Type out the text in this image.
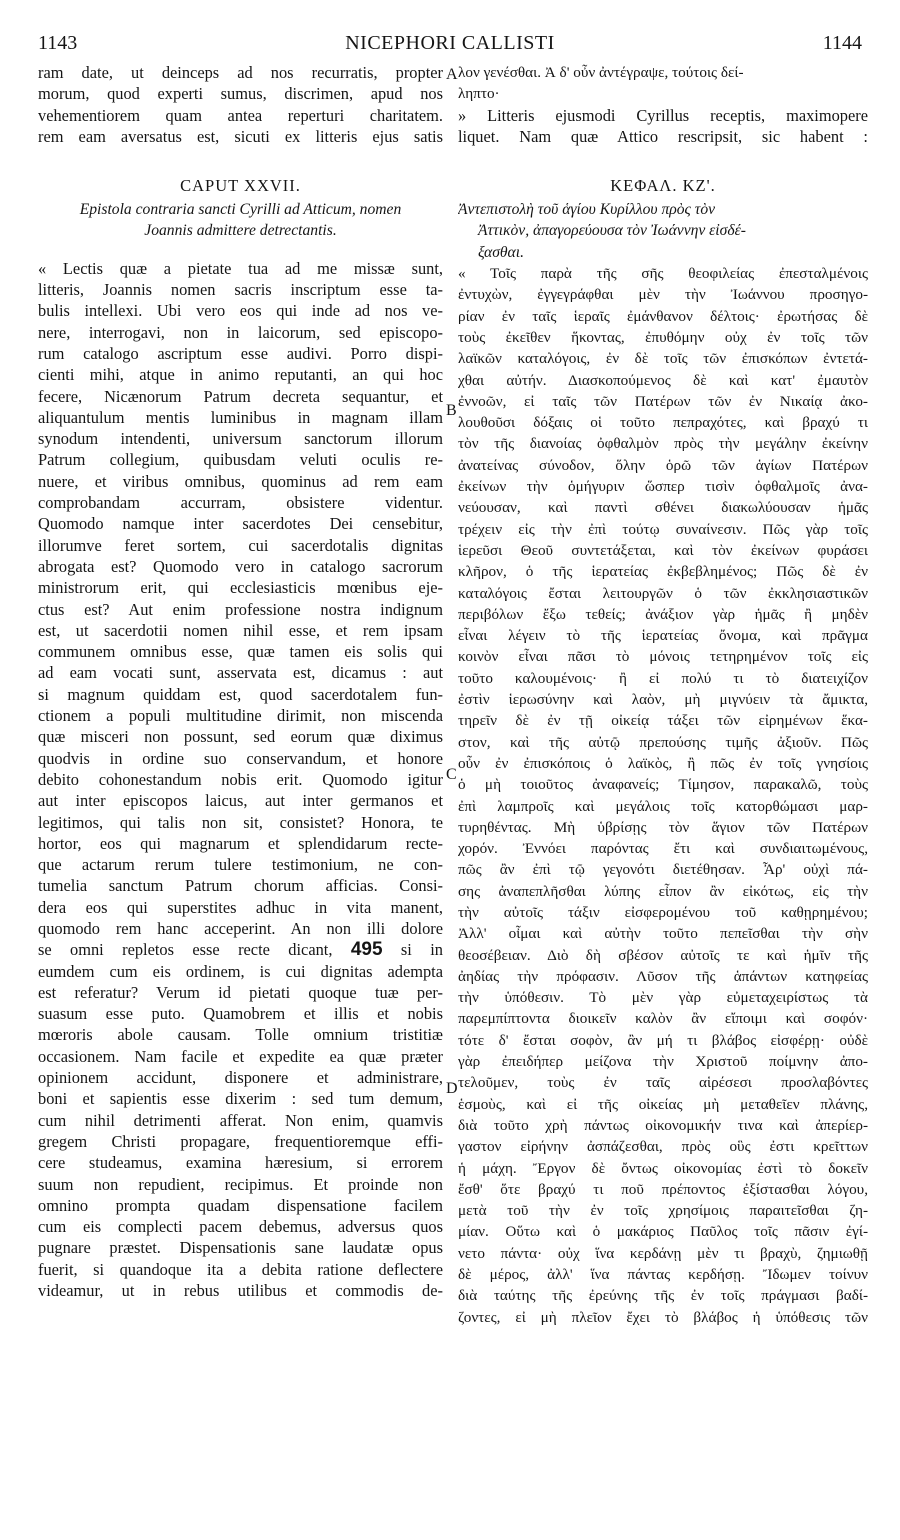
1143	NICEPHORI CALLISTI	1144
A
B
C
D
ram date, ut deinceps ad nos recurratis, propter
morum, quod experti sumus, discrimen, apud nos
vehementiorem quam antea reperturi charitatem.
rem eam aversatus est, sicuti ex litteris ejus satis
CAPUT XXVII.
Epistola contraria sancti Cyrilli ad Atticum, nomen
Joannis admittere detrectantis.
« Lectis quæ a pietate tua ad me missæ sunt,
litteris, Joannis nomen sacris inscriptum esse ta-
bulis intellexi. Ubi vero eos qui inde ad nos ve-
nere, interrogavi, non in laicorum, sed episcopo-
rum catalogo ascriptum esse audivi. Porro dispi-
cienti mihi, atque in animo reputanti, an qui hoc
fecere, Nicænorum Patrum decreta sequantur, et
aliquantulum mentis luminibus in magnam illam
synodum intendenti, universum sanctorum illorum
Patrum collegium, quibusdam veluti oculis re-
nuere, et viribus omnibus, quominus ad rem eam
comprobandam accurram, obsistere videntur.
Quomodo namque inter sacerdotes Dei censebitur,
illorumve feret sortem, cui sacerdotalis dignitas
abrogata est? Quomodo vero in catalogo sacrorum
ministrorum erit, qui ecclesiasticis mœnibus eje-
ctus est? Aut enim professione nostra indignum
est, ut sacerdotii nomen nihil esse, et rem ipsam
communem omnibus esse, quæ tamen eis solis qui
ad eam vocati sunt, asservata est, dicamus : aut
si magnum quiddam est, quod sacerdotalem fun-
ctionem a populi multitudine dirimit, non miscenda
quæ misceri non possunt, sed eorum quæ diximus
quodvis in ordine suo conservandum, et honore
debito cohonestandum nobis erit. Quomodo igitur
aut inter episcopos laicus, aut inter germanos et
legitimos, qui talis non sit, consistet? Honora, te
hortor, eos qui magnarum et splendidarum recte-
que actarum rerum tulere testimonium, ne con-
tumelia sanctum Patrum chorum afficias. Consi-
dera eos qui superstites adhuc in vita manent,
quomodo rem hanc acceperint. An non illi dolore
se omni repletos esse recte dicant, 495 si in
eumdem cum eis ordinem, is cui dignitas adempta
est referatur? Verum id pietati quoque tuæ per-
suasum esse puto. Quamobrem et illis et nobis
mœroris abole causam. Tolle omnium tristitiæ
occasionem. Nam facile et expedite ea quæ præter
opinionem accidunt, disponere et administrare,
boni et sapientis esse dixerim : sed tum demum,
cum nihil detrimenti afferat. Non enim, quamvis
gregem Christi propagare, frequentioremque effi-
cere studeamus, examina hæresium, si errorem
suum non repudient, recipimus. Et proinde non
omnino prompta quadam dispensatione facilem
cum eis complecti pacem debemus, adversus quos
pugnare præstet. Dispensationis sane laudatæ opus
fuerit, si quandoque ita a debita ratione deflectere
videamur, ut in rebus utilibus et commodis de-
λον γενέσθαι. Ἀ δ' οὖν ἀντέγραψε, τούτοις δεί-
ληπτο·
» Litteris ejusmodi Cyrillus receptis, maximopere
liquet. Nam quæ Attico rescripsit, sic habent :
ΚΕΦΑΛ. ΚΖ'.
Ἀντεπιστολὴ τοῦ ἁγίου Κυρίλλου πρὸς τὸν
Ἀττικὸν, ἀπαγορεύουσα τὸν Ἰωάννην εἰσδέ-
ξασθαι.
« Τοῖς παρὰ τῆς σῆς θεοφιλείας ἐπεσταλμένοις
ἐντυχὼν, ἐγγεγράφθαι μὲν τὴν Ἰωάννου προσηγο-
ρίαν ἐν ταῖς ἱεραῖς ἐμάνθανον δέλτοις· ἐρωτήσας δὲ
τοὺς ἐκεῖθεν ἥκοντας, ἐπυθόμην οὐχ ἐν τοῖς τῶν
λαϊκῶν καταλόγοις, ἐν δὲ τοῖς τῶν ἐπισκόπων ἐντετά-
χθαι αὐτήν. Διασκοπούμενος δὲ καὶ κατ' ἐμαυτὸν
ἐννοῶν, εἰ ταῖς τῶν Πατέρων τῶν ἐν Νικαίᾳ ἀκο-
λουθοῦσι δόξαις οἱ τοῦτο πεπραχότες, καὶ βραχύ τι
τὸν τῆς διανοίας ὀφθαλμὸν πρὸς τὴν μεγάλην ἐκείνην
ἀνατείνας σύνοδον, ὅλην ὁρῶ τῶν ἁγίων Πατέρων
ἐκείνων τὴν ὁμήγυριν ὥσπερ τισὶν ὀφθαλμοῖς ἀνα-
νεύουσαν, καὶ παντὶ σθένει διακωλύουσαν ἡμᾶς
τρέχειν εἰς τὴν ἐπὶ τούτῳ συναίνεσιν. Πῶς γὰρ τοῖς
ἱερεῦσι Θεοῦ συντετάξεται, καὶ τὸν ἐκείνων φυράσει
κλῆρον, ὁ τῆς ἱερατείας ἐκβεβλημένος; Πῶς δὲ ἐν
καταλόγοις ἔσται λειτουργῶν ὁ τῶν ἐκκλησιαστικῶν
περιβόλων ἔξω τεθείς; ἀνάξιον γὰρ ἡμᾶς ἢ μηδὲν
εἶναι λέγειν τὸ τῆς ἱερατείας ὄνομα, καὶ πρᾶγμα
κοινὸν εἶναι πᾶσι τὸ μόνοις τετηρημένον τοῖς εἰς
τοῦτο καλουμένοις· ἢ εἰ πολύ τι τὸ διατειχίζον
ἐστὶν ἱερωσύνην καὶ λαὸν, μὴ μιγνύειν τὰ ἄμικτα,
τηρεῖν δὲ ἐν τῇ οἰκείᾳ τάξει τῶν εἰρημένων ἕκα-
στον, καὶ τῆς αὐτῷ πρεπούσης τιμῆς ἀξιοῦν. Πῶς
οὖν ἐν ἐπισκόποις ὁ λαϊκὸς, ἢ πῶς ἐν τοῖς γνησίοις
ὁ μὴ τοιοῦτος ἀναφανείς; Τίμησον, παρακαλῶ, τοὺς
ἐπὶ λαμπροῖς καὶ μεγάλοις τοῖς κατορθώμασι μαρ-
τυρηθέντας. Μὴ ὑβρίσῃς τὸν ἅγιον τῶν Πατέρων
χορόν. Ἐννόει παρόντας ἔτι καὶ συνδιαιτωμένους,
πῶς ἂν ἐπὶ τῷ γεγονότι διετέθησαν. Ἆρ' οὐχὶ πά-
σης ἀναπεπλῆσθαι λύπης εἶπον ἂν εἰκότως, εἰς τὴν
τὴν αὐτοῖς τάξιν εἰσφερομένου τοῦ καθῃρημένου;
Ἀλλ' οἶμαι καὶ αὐτὴν τοῦτο πεπεῖσθαι τὴν σὴν
θεοσέβειαν. Διὸ δὴ σβέσον αὐτοῖς τε καὶ ἡμῖν τῆς
ἀηδίας τὴν πρόφασιν. Λῦσον τῆς ἁπάντων κατηφείας
τὴν ὑπόθεσιν. Τὸ μὲν γὰρ εὐμεταχειρίστως τὰ
παρεμπίπτοντα διοικεῖν καλὸν ἂν εἴποιμι καὶ σοφόν·
τότε δ' ἔσται σοφὸν, ἂν μή τι βλάβος εἰσφέρῃ· οὐδὲ
γὰρ ἐπειδήπερ μείζονα τὴν Χριστοῦ ποίμνην ἀπο-
τελοῦμεν, τοὺς ἐν ταῖς αἱρέσεσι προσλαβόντες
ἑσμοὺς, καὶ εἰ τῆς οἰκείας μὴ μεταθεῖεν πλάνης,
διὰ τοῦτο χρὴ πάντως οἰκονομικήν τινα καὶ ἀπερίερ-
γαστον εἰρήνην ἀσπάζεσθαι, πρὸς οὓς ἐστι κρεῖττων
ἡ μάχη. Ἔργον δὲ ὄντως οἰκονομίας ἐστὶ τὸ δοκεῖν
ἔσθ' ὅτε βραχύ τι ποῦ πρέποντος ἐξίστασθαι λόγου,
μετὰ τοῦ τὴν ἐν τοῖς χρησίμοις παραιτεῖσθαι ζη-
μίαν. Οὕτω καὶ ὁ μακάριος Παῦλος τοῖς πᾶσιν ἐγί-
νετο πάντα· οὐχ ἵνα κερδάνῃ μὲν τι βραχὺ, ζημιωθῇ
δὲ μέρος, ἀλλ' ἵνα πάντας κερδήσῃ. Ἴδωμεν τοίνυν
διὰ ταύτης τῆς ἐρεύνης τῆς ἐν τοῖς πράγμασι βαδί-
ζοντες, εἰ μὴ πλεῖον ἔχει τὸ βλάβος ἡ ὑπόθεσις τῶν
